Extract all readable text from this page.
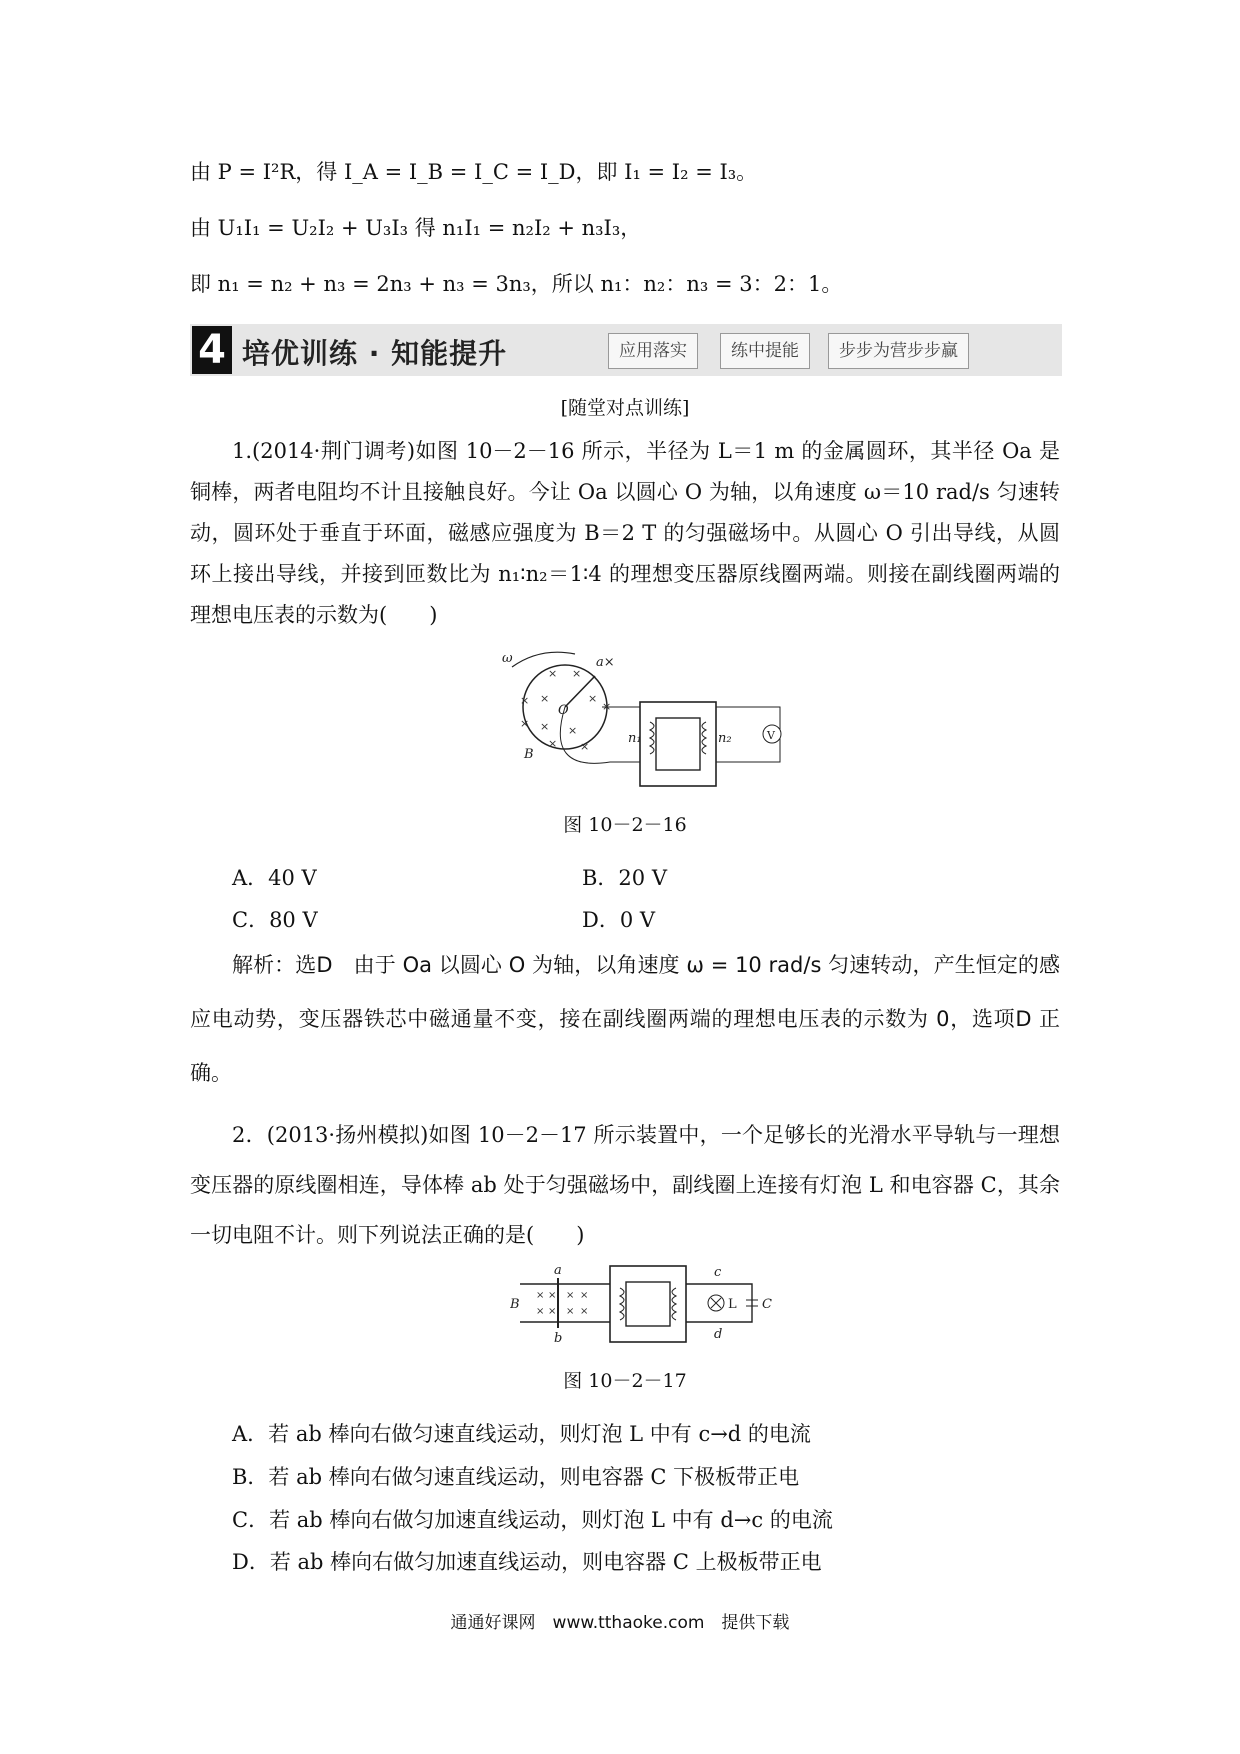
由 P = I²R，得 I_A = I_B = I_C = I_D，即 I₁ = I₂ = I₃。
由 U₁I₁ = U₂I₂ + U₃I₃ 得 n₁I₁ = n₂I₂ + n₃I₃，
即 n₁ = n₂ + n₃ = 2n₃ + n₃ = 3n₃，所以 n₁：n₂：n₃ = 3：2：1。
4 培优训练 · 知能提升	应用落实	练中提能	步步为营步步赢
[随堂对点训练]
1.(2014·荆门调考)如图 10－2－16 所示，半径为 L＝1 m 的金属圆环，其半径 Oa 是铜棒，两者电阻均不计且接触良好。今让 Oa 以圆心 O 为轴，以角速度 ω＝10 rad/s 匀速转动，圆环处于垂直于环面，磁感应强度为 B＝2 T 的匀强磁场中。从圆心 O 引出导线，从圆环上接出导线，并接到匝数比为 n₁∶n₂＝1∶4 的理想变压器原线圈两端。则接在副线圈两端的理想电压表的示数为(　　)
× ×
× ×	×
×
× × ×
× ×
ω	a×
O
B
n₁	n₂	V
图 10－2－16
A．40 V	B．20 V
C．80 V	D．0 V
解析：选D　由于 Oa 以圆心 O 为轴，以角速度 ω = 10 rad/s 匀速转动，产生恒定的感应电动势，变压器铁芯中磁通量不变，接在副线圈两端的理想电压表的示数为 0，选项D 正确。
2．(2013·扬州模拟)如图 10－2－17 所示装置中，一个足够长的光滑水平导轨与一理想变压器的原线圈相连，导体棒 ab 处于匀强磁场中，副线圈上连接有灯泡 L 和电容器 C，其余一切电阻不计。则下列说法正确的是(　　)
× × × ×
× × × ×
a
b
B
c
d
L C
图 10－2－17
A．若 ab 棒向右做匀速直线运动，则灯泡 L 中有 c→d 的电流
B．若 ab 棒向右做匀速直线运动，则电容器 C 下极板带正电
C．若 ab 棒向右做匀加速直线运动，则灯泡 L 中有 d→c 的电流
D．若 ab 棒向右做匀加速直线运动，则电容器 C 上极板带正电
通通好课网　www.tthaoke.com　提供下载
